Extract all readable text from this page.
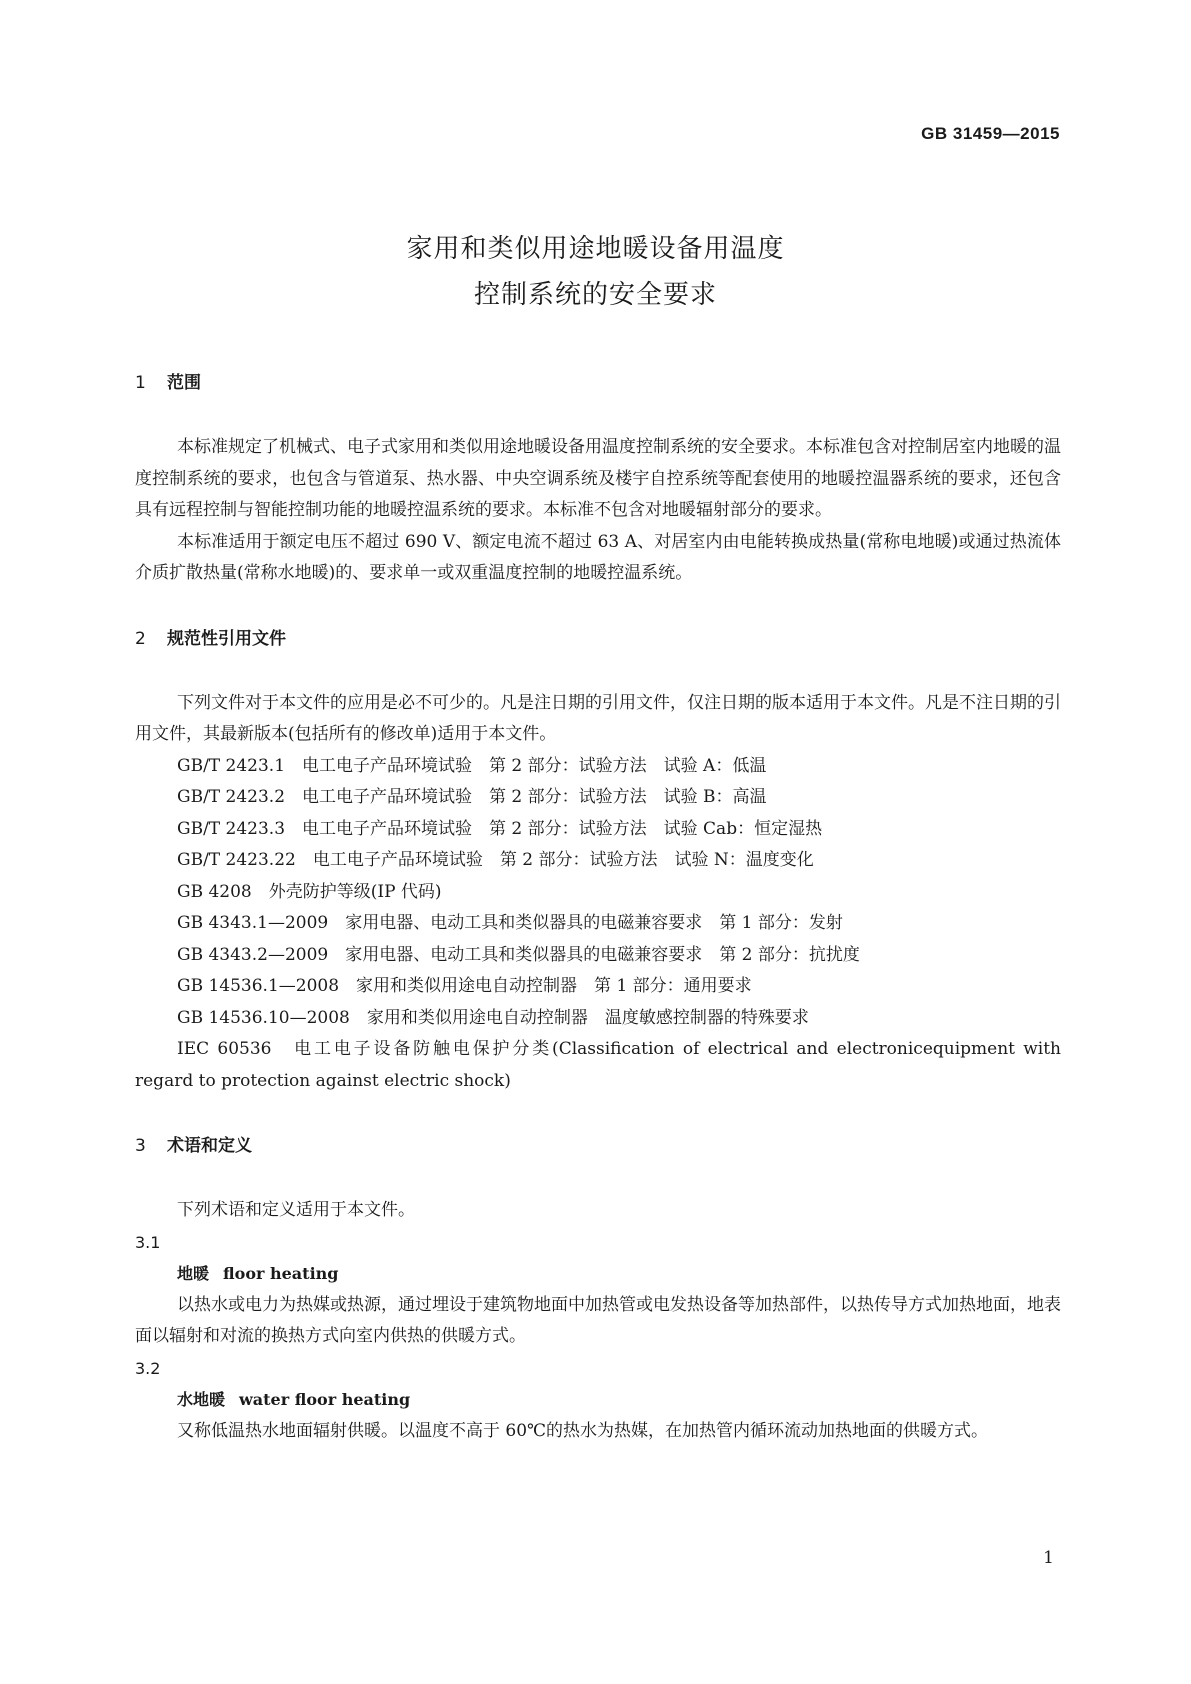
GB 31459—2015
家用和类似用途地暖设备用温度
控制系统的安全要求
1 范围

本标准规定了机械式、电子式家用和类似用途地暖设备用温度控制系统的安全要求。本标准包含对控制居室内地暖的温度控制系统的要求，也包含与管道泵、热水器、中央空调系统及楼宇自控系统等配套使用的地暖控温器系统的要求，还包含具有远程控制与智能控制功能的地暖控温系统的要求。本标准不包含对地暖辐射部分的要求。

本标准适用于额定电压不超过 690 V、额定电流不超过 63 A、对居室内由电能转换成热量(常称电地暖)或通过热流体介质扩散热量(常称水地暖)的、要求单一或双重温度控制的地暖控温系统。

2 规范性引用文件

下列文件对于本文件的应用是必不可少的。凡是注日期的引用文件，仅注日期的版本适用于本文件。凡是不注日期的引用文件，其最新版本(包括所有的修改单)适用于本文件。

GB/T 2423.1　电工电子产品环境试验　第 2 部分：试验方法　试验 A：低温

GB/T 2423.2　电工电子产品环境试验　第 2 部分：试验方法　试验 B：高温

GB/T 2423.3　电工电子产品环境试验　第 2 部分：试验方法　试验 Cab：恒定湿热

GB/T 2423.22　电工电子产品环境试验　第 2 部分：试验方法　试验 N：温度变化

GB 4208　外壳防护等级(IP 代码)

GB 4343.1—2009　家用电器、电动工具和类似器具的电磁兼容要求　第 1 部分：发射

GB 4343.2—2009　家用电器、电动工具和类似器具的电磁兼容要求　第 2 部分：抗扰度

GB 14536.1—2008　家用和类似用途电自动控制器　第 1 部分：通用要求

GB 14536.10—2008　家用和类似用途电自动控制器　温度敏感控制器的特殊要求

IEC 60536　电工电子设备防触电保护分类(Classification of electrical and electronicequipment with regard to protection against electric shock)

3 术语和定义

下列术语和定义适用于本文件。

3.1

地暖 floor heating

以热水或电力为热媒或热源，通过埋设于建筑物地面中加热管或电发热设备等加热部件，以热传导方式加热地面，地表面以辐射和对流的换热方式向室内供热的供暖方式。

3.2

水地暖 water floor heating

又称低温热水地面辐射供暖。以温度不高于 60℃的热水为热媒，在加热管内循环流动加热地面的供暖方式。

1
